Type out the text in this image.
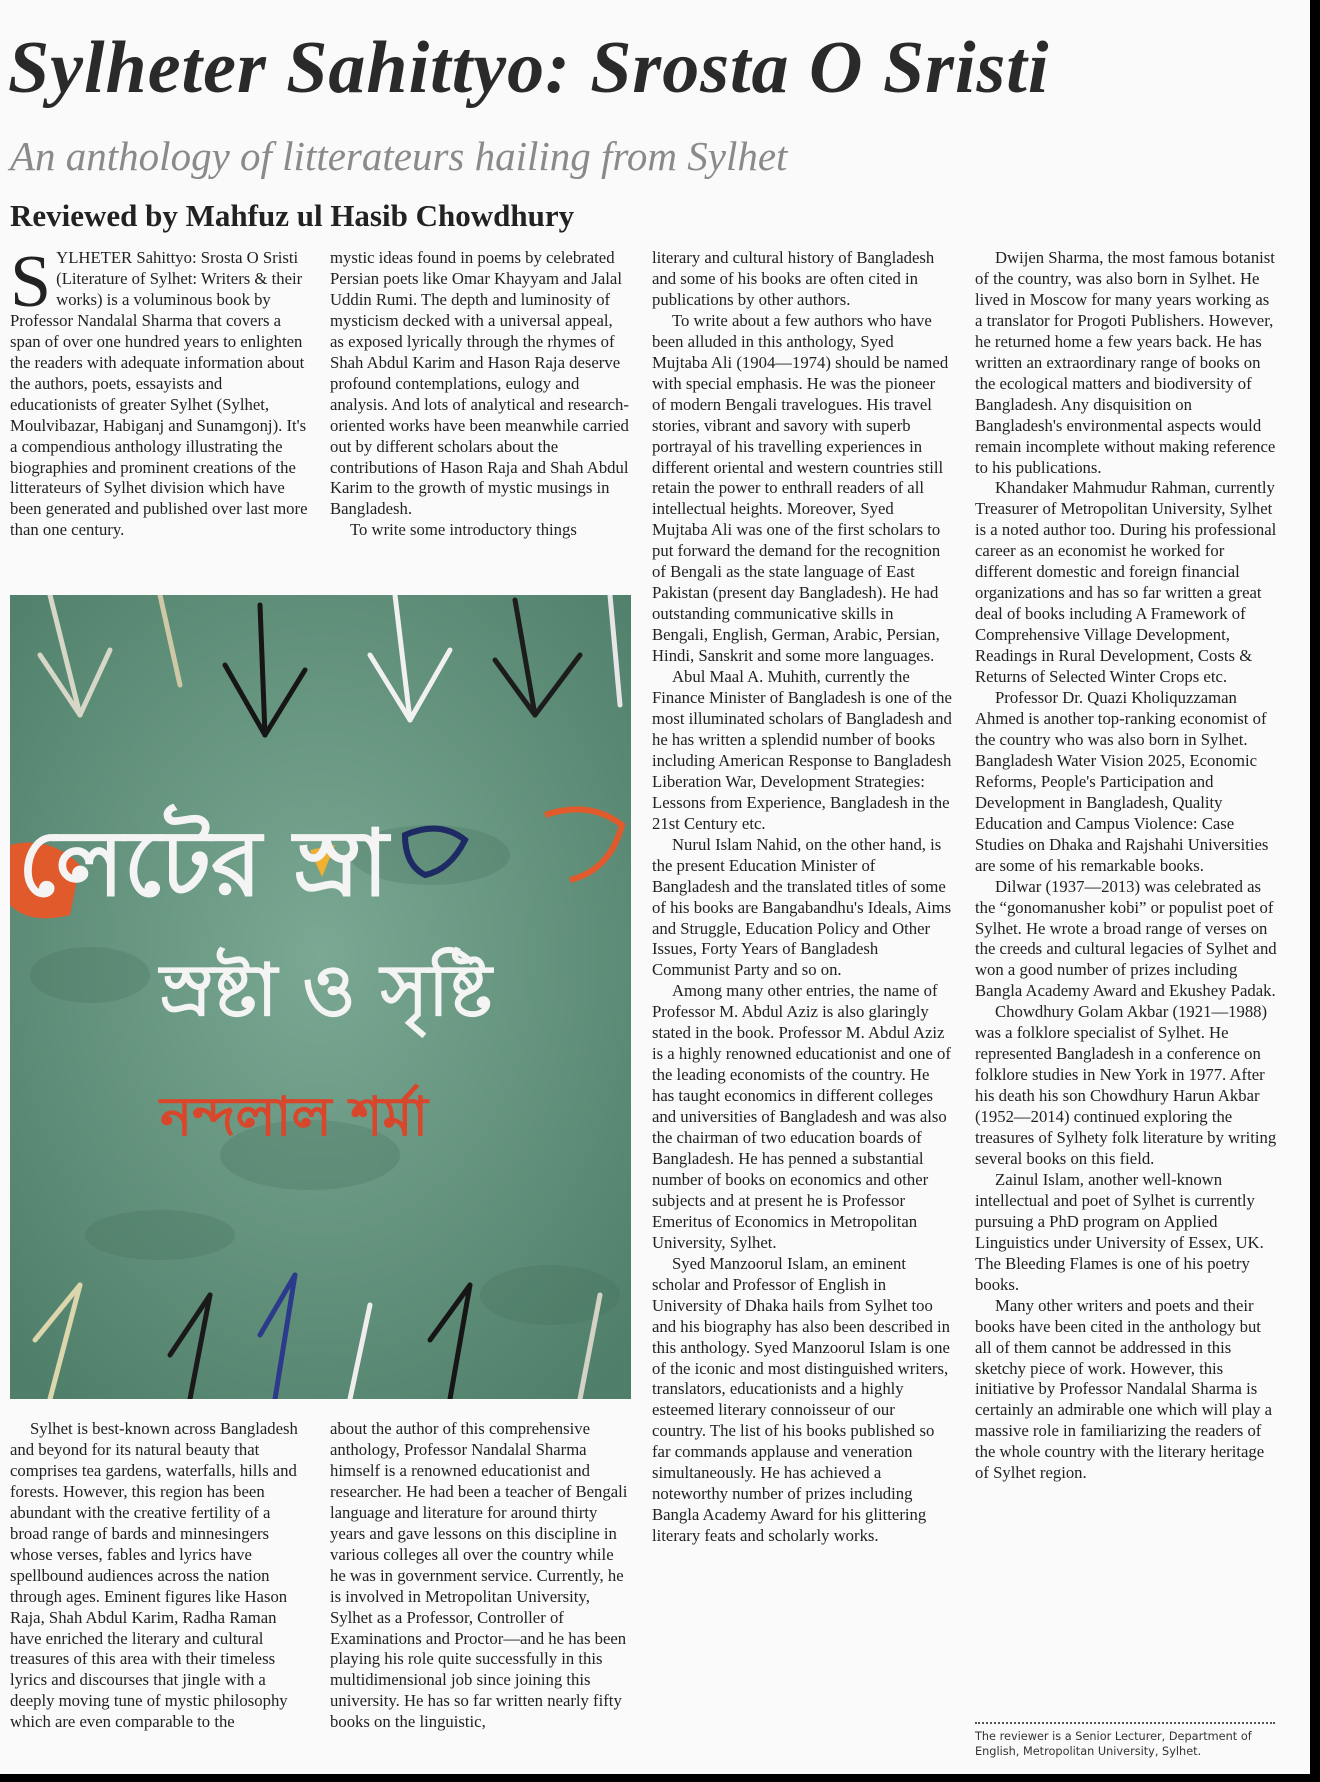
Sylheter Sahittyo: Srosta O Sristi
An anthology of litterateurs hailing from Sylhet
Reviewed by Mahfuz ul Hasib Chowdhury

SYLHETER Sahittyo: Srosta O Sristi (Literature of Sylhet: Writers & their works) is a voluminous book by Professor Nandalal Sharma that covers a span of over one hundred years to enlighten the readers with adequate information about the authors, poets, essayists and educationists of greater Sylhet (Sylhet, Moulvibazar, Habiganj and Sunamgonj). It's a compendious anthology illustrating the biographies and prominent creations of the litterateurs of Sylhet division which have been generated and published over last more than one century.

mystic ideas found in poems by celebrated Persian poets like Omar Khayyam and Jalal Uddin Rumi. The depth and luminosity of mysticism decked with a universal appeal, as exposed lyrically through the rhymes of Shah Abdul Karim and Hason Raja deserve profound contemplations, eulogy and analysis. And lots of analytical and research-oriented works have been meanwhile carried out by different scholars about the contributions of Hason Raja and Shah Abdul Karim to the growth of mystic musings in Bangladesh.

To write some introductory things

লেটের স্রা
স্রষ্টা ও সৃষ্টি
নন্দলাল শর্মা

Sylhet is best-known across Bangladesh and beyond for its natural beauty that comprises tea gardens, waterfalls, hills and forests. However, this region has been abundant with the creative fertility of a broad range of bards and minnesingers whose verses, fables and lyrics have spellbound audiences across the nation through ages. Eminent figures like Hason Raja, Shah Abdul Karim, Radha Raman have enriched the literary and cultural treasures of this area with their timeless lyrics and discourses that jingle with a deeply moving tune of mystic philosophy which are even comparable to the

about the author of this comprehensive anthology, Professor Nandalal Sharma himself is a renowned educationist and researcher. He had been a teacher of Bengali language and literature for around thirty years and gave lessons on this discipline in various colleges all over the country while he was in government service. Currently, he is involved in Metropolitan University, Sylhet as a Professor, Controller of Examinations and Proctor—and he has been playing his role quite successfully in this multidimensional job since joining this university. He has so far written nearly fifty books on the linguistic,

literary and cultural history of Bangladesh and some of his books are often cited in publications by other authors.

To write about a few authors who have been alluded in this anthology, Syed Mujtaba Ali (1904—1974) should be named with special emphasis. He was the pioneer of modern Bengali travelogues. His travel stories, vibrant and savory with superb portrayal of his travelling experiences in different oriental and western countries still retain the power to enthrall readers of all intellectual heights. Moreover, Syed Mujtaba Ali was one of the first scholars to put forward the demand for the recognition of Bengali as the state language of East Pakistan (present day Bangladesh). He had outstanding communicative skills in Bengali, English, German, Arabic, Persian, Hindi, Sanskrit and some more languages.

Abul Maal A. Muhith, currently the Finance Minister of Bangladesh is one of the most illuminated scholars of Bangladesh and he has written a splendid number of books including American Response to Bangladesh Liberation War, Development Strategies: Lessons from Experience, Bangladesh in the 21st Century etc.

Nurul Islam Nahid, on the other hand, is the present Education Minister of Bangladesh and the translated titles of some of his books are Bangabandhu's Ideals, Aims and Struggle, Education Policy and Other Issues, Forty Years of Bangladesh Communist Party and so on.

Among many other entries, the name of Professor M. Abdul Aziz is also glaringly stated in the book. Professor M. Abdul Aziz is a highly renowned educationist and one of the leading economists of the country. He has taught economics in different colleges and universities of Bangladesh and was also the chairman of two education boards of Bangladesh. He has penned a substantial number of books on economics and other subjects and at present he is Professor Emeritus of Economics in Metropolitan University, Sylhet.

Syed Manzoorul Islam, an eminent scholar and Professor of English in University of Dhaka hails from Sylhet too and his biography has also been described in this anthology. Syed Manzoorul Islam is one of the iconic and most distinguished writers, translators, educationists and a highly esteemed literary connoisseur of our country. The list of his books published so far commands applause and veneration simultaneously. He has achieved a noteworthy number of prizes including Bangla Academy Award for his glittering literary feats and scholarly works.

Dwijen Sharma, the most famous botanist of the country, was also born in Sylhet. He lived in Moscow for many years working as a translator for Progoti Publishers. However, he returned home a few years back. He has written an extraordinary range of books on the ecological matters and biodiversity of Bangladesh. Any disquisition on Bangladesh's environmental aspects would remain incomplete without making reference to his publications.

Khandaker Mahmudur Rahman, currently Treasurer of Metropolitan University, Sylhet is a noted author too. During his professional career as an economist he worked for different domestic and foreign financial organizations and has so far written a great deal of books including A Framework of Comprehensive Village Development, Readings in Rural Development, Costs & Returns of Selected Winter Crops etc.

Professor Dr. Quazi Kholiquzzaman Ahmed is another top-ranking economist of the country who was also born in Sylhet. Bangladesh Water Vision 2025, Economic Reforms, People's Participation and Development in Bangladesh, Quality Education and Campus Violence: Case Studies on Dhaka and Rajshahi Universities are some of his remarkable books.

Dilwar (1937—2013) was celebrated as the “gonomanusher kobi” or populist poet of Sylhet. He wrote a broad range of verses on the creeds and cultural legacies of Sylhet and won a good number of prizes including Bangla Academy Award and Ekushey Padak.

Chowdhury Golam Akbar (1921—1988) was a folklore specialist of Sylhet. He represented Bangladesh in a conference on folklore studies in New York in 1977. After his death his son Chowdhury Harun Akbar (1952—2014) continued exploring the treasures of Sylhety folk literature by writing several books on this field.

Zainul Islam, another well-known intellectual and poet of Sylhet is currently pursuing a PhD program on Applied Linguistics under University of Essex, UK. The Bleeding Flames is one of his poetry books.

Many other writers and poets and their books have been cited in the anthology but all of them cannot be addressed in this sketchy piece of work. However, this initiative by Professor Nandalal Sharma is certainly an admirable one which will play a massive role in familiarizing the readers of the whole country with the literary heritage of Sylhet region.

The reviewer is a Senior Lecturer, Department of English, Metropolitan University, Sylhet.
